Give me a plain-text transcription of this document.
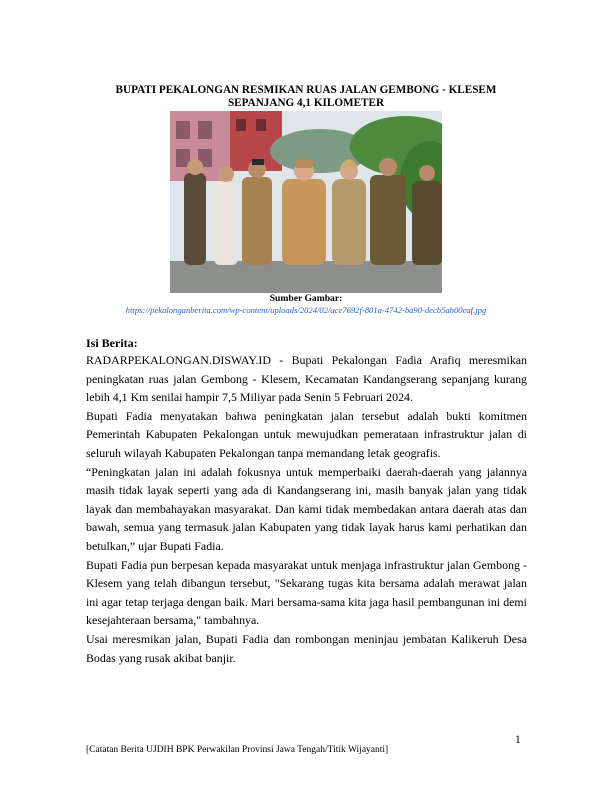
BUPATI PEKALONGAN RESMIKAN RUAS JALAN GEMBONG - KLESEM
SEPANJANG 4,1 KILOMETER
Sumber Gambar:
https://pekalonganberita.com/wp-content/uploads/2024/02/ace7692f-801a-4742-ba90-decb5ab00eaf.jpg
Isi Berita:

RADARPEKALONGAN.DISWAY.ID - Bupati Pekalongan Fadia Arafiq meresmikan peningkatan ruas jalan Gembong - Klesem, Kecamatan Kandangserang sepanjang kurang lebih 4,1 Km senilai hampir 7,5 Miliyar pada Senin 5 Februari 2024.

Bupati Fadia menyatakan bahwa peningkatan jalan tersebut adalah bukti komitmen Pemerintah Kabupaten Pekalongan untuk mewujudkan pemerataan infrastruktur jalan di seluruh wilayah Kabupaten Pekalongan tanpa memandang letak geografis.

“Peningkatan jalan ini adalah fokusnya untuk memperbaiki daerah-daerah yang jalannya masih tidak layak seperti yang ada di Kandangserang ini, masih banyak jalan yang tidak layak dan membahayakan masyarakat. Dan kami tidak membedakan antara daerah atas dan bawah, semua yang termasuk jalan Kabupaten yang tidak layak harus kami perhatikan dan betulkan,” ujar Bupati Fadia.

Bupati Fadia pun berpesan kepada masyarakat untuk menjaga infrastruktur jalan Gembong - Klesem yang telah dibangun tersebut, "Sekarang tugas kita bersama adalah merawat jalan ini agar tetap terjaga dengan baik. Mari bersama-sama kita jaga hasil pembangunan ini demi kesejahteraan bersama," tambahnya.

Usai meresmikan jalan, Bupati Fadia dan rombongan meninjau jembatan Kalikeruh Desa Bodas yang rusak akibat banjir.

1
[Catatan Berita UJDIH BPK Perwakilan Provinsi Jawa Tengah/Titik Wijayanti]
